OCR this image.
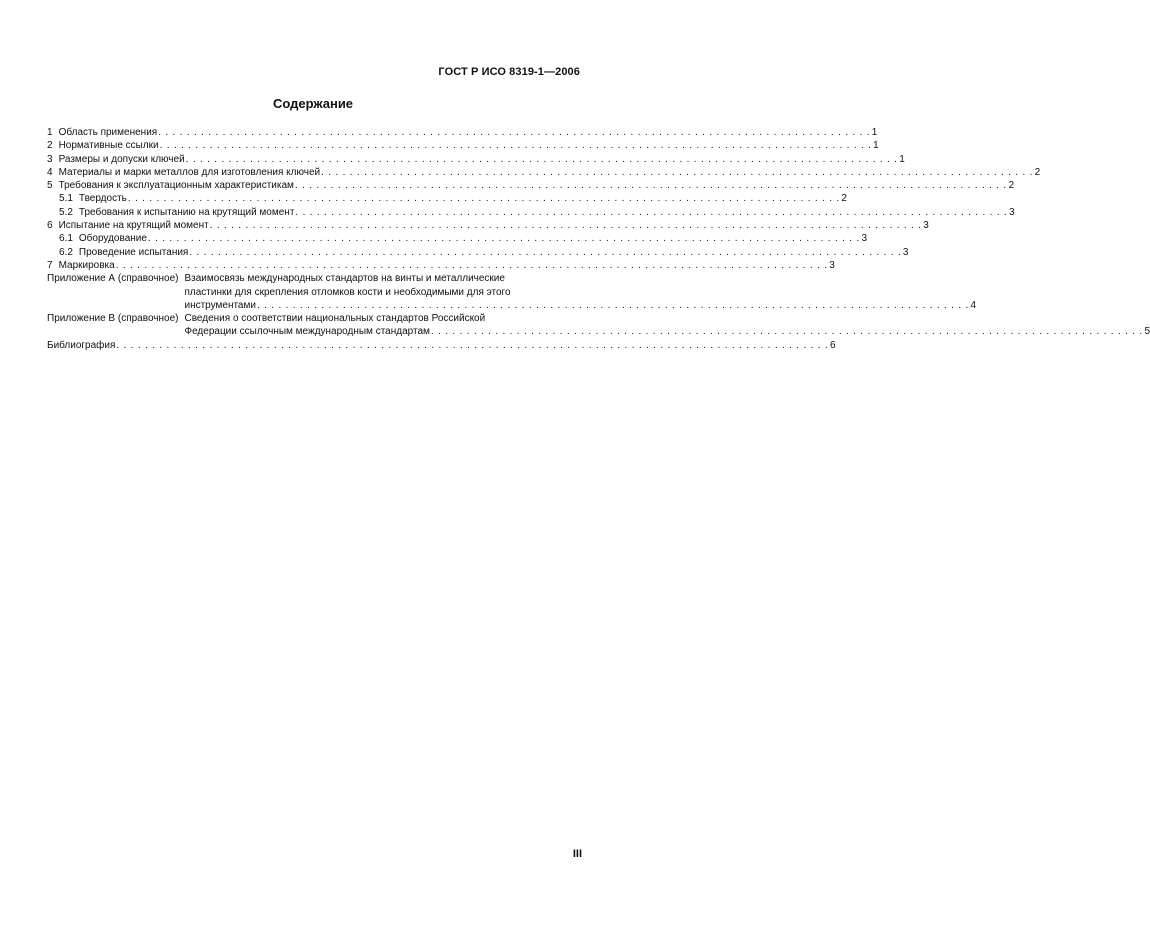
ГОСТ Р ИСО 8319-1—2006
Содержание
1 Область применения . . .	1
2 Нормативные ссылки . . .	1
3 Размеры и допуски ключей . . .	1
4 Материалы и марки металлов для изготовления ключей . . .	2
5 Требования к эксплуатационным характеристикам . . .	2
5.1 Твердость . . .	2
5.2 Требования к испытанию на крутящий момент . . .	3
6 Испытание на крутящий момент . . .	3
6.1 Оборудование . . .	3
6.2 Проведение испытания . . .	3
7 Маркировка . . .	3
Приложение А (справочное) Взаимосвязь международных стандартов на винты и металлические
пластинки для скрепления отломков кости и необходимыми для этого
инструментами . . .	4
Приложение В (справочное) Сведения о соответствии национальных стандартов Российской
Федерации ссылочным международным стандартам . . .	5
Библиография . . .	6
III
